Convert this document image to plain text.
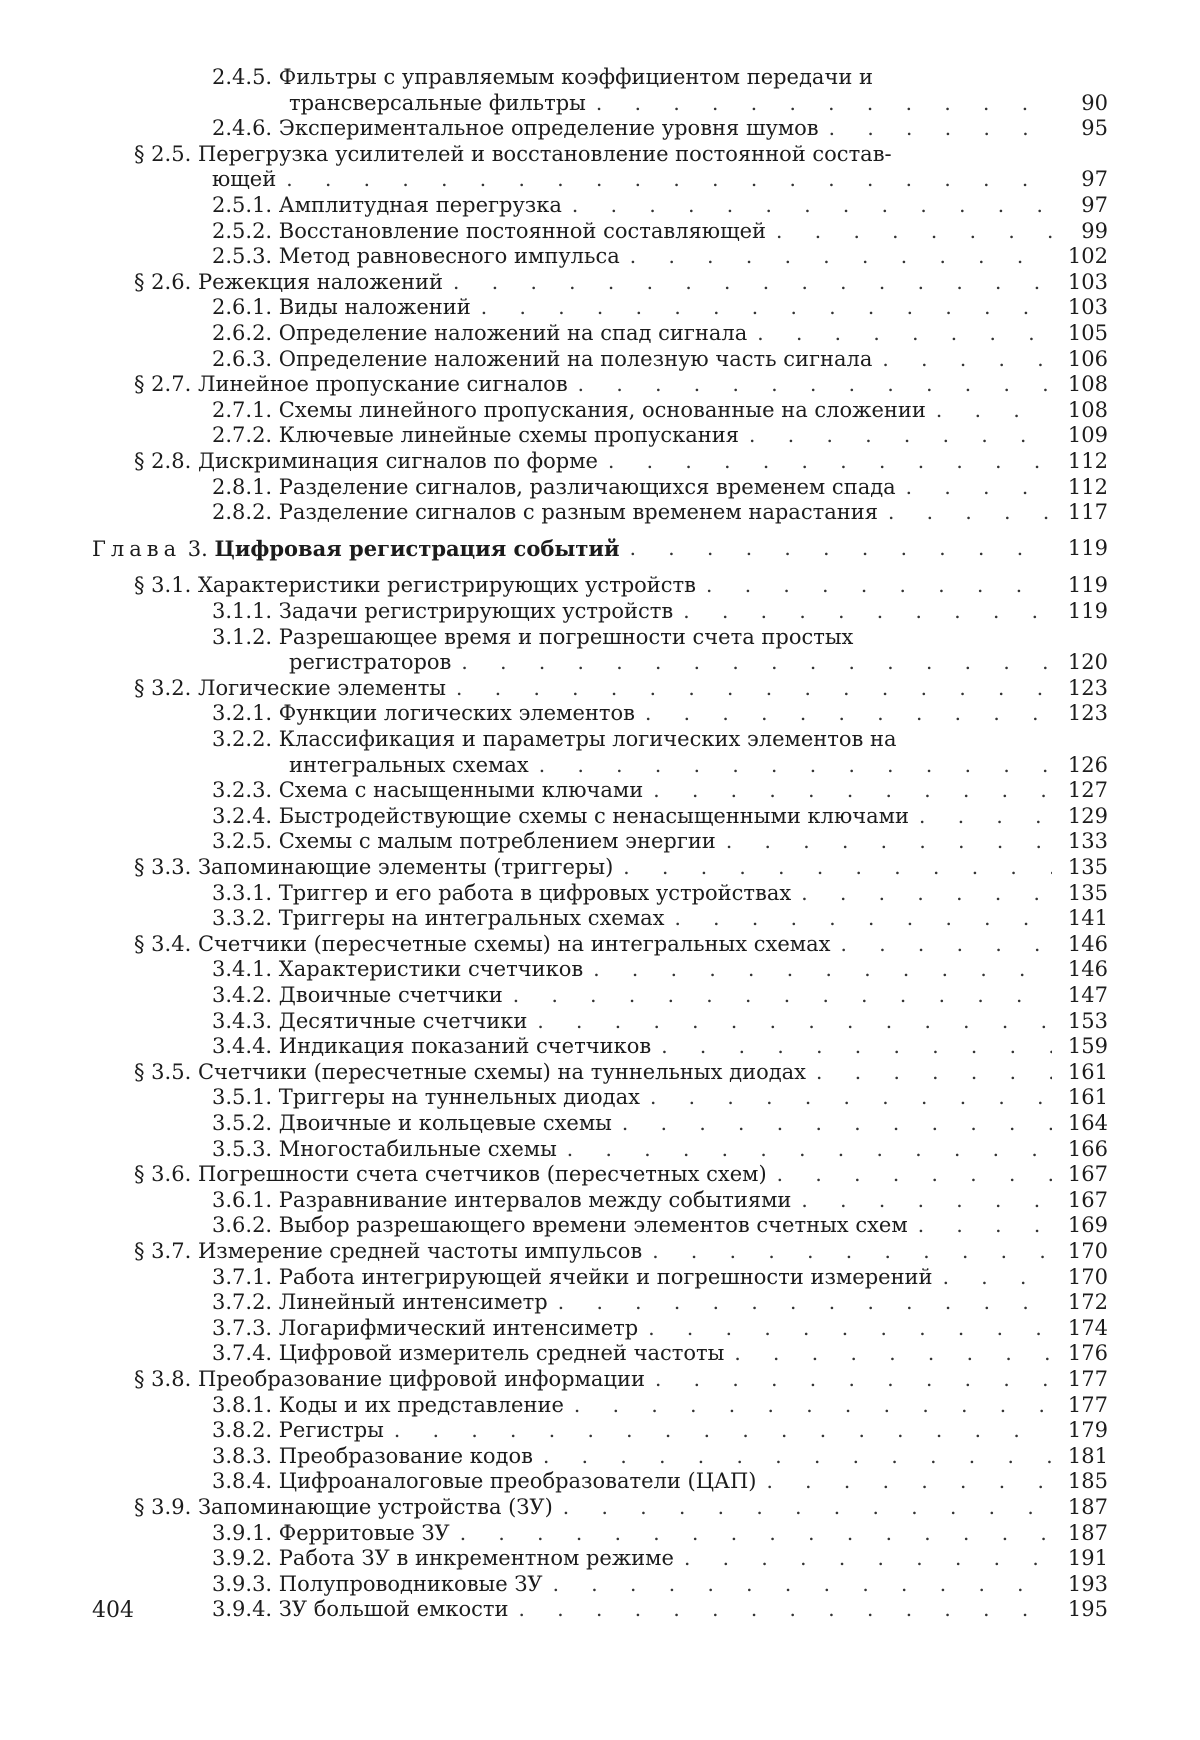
2.4.5. Фильтры с управляемым коэффициентом передачи и
трансверсальные фильтры . . . . . . . . . . . .	90
2.4.6. Экспериментальное определение уровня шумов . . . . . .	95
§ 2.5. Перегрузка усилителей и восстановление постоянной состав-
ющей . . . . . . . . . . . . . . . . . . . .	97
2.5.1. Амплитудная перегрузка . . . . . . . . . . . .	97
2.5.2. Восстановление постоянной составляющей . . . . . . .	99
2.5.3. Метод равновесного импульса . . . . . . . . . . .	102
§ 2.6. Режекция наложений . . . . . . . . . . . . . . . . 103
2.6.1. Виды наложений . . . . . . . . . . . . . . .	103
2.6.2. Определение наложений на спад сигнала . . . . . . . . 105
2.6.3. Определение наложений на полезную часть сигнала . . . .	106
§ 2.7. Линейное пропускание сигналов . . . . . . . . . . . .	108
2.7.1. Схемы линейного пропускания, основанные на сложении . . .	108
2.7.2. Ключевые линейные схемы пропускания . . . . . . . .	109
§ 2.8. Дискриминация сигналов по форме . . . . . . . . . . . . 112
2.8.1. Разделение сигналов, различающихся временем спада . . . .	112
2.8.2. Разделение сигналов с разным временем нарастания . . . .	117
Глава 3. Цифровая регистрация событий . . . . . . . . . . .	119
§ 3.1. Характеристики регистрирующих устройств . . . . . . . . .	119
3.1.1. Задачи регистрирующих устройств . . . . . . . . . . 119
3.1.2. Разрешающее время и погрешности счета простых
регистраторов . . . . . . . . . . . . . . .	120
§ 3.2. Логические элементы . . . . . . . . . . . . . . .	123
3.2.1. Функции логических элементов . . . . . . . . . . . 123
3.2.2. Классификация и параметры логических элементов на
интегральных схемах . . . . . . . . . . . . .	126
3.2.3. Схема с насыщенными ключами . . . . . . . . . .	127
3.2.4. Быстродействующие схемы с ненасыщенными ключами . . .	129
3.2.5. Схемы с малым потреблением энергии . . . . . . . .	133
§ 3.3. Запоминающие элементы (триггеры) . . . . . . . . . . .	135
3.3.1. Триггер и его работа в цифровых устройствах . . . . . . . 135
3.3.2. Триггеры на интегральных схемах . . . . . . . . . .	141
§ 3.4. Счетчики (пересчетные схемы) на интегральных схемах . . . . . . 146
3.4.1. Характеристики счетчиков . . . . . . . . . . . .	146
3.4.2. Двоичные счетчики . . . . . . . . . . . . . .	147
3.4.3. Десятичные счетчики . . . . . . . . . . . . .	153
3.4.4. Индикация показаний счетчиков . . . . . . . . . .	159
§ 3.5. Счетчики (пересчетные схемы) на туннельных диодах . . . . . .	161
3.5.1. Триггеры на туннельных диодах . . . . . . . . . .	161
3.5.2. Двоичные и кольцевые схемы . . . . . . . . . . .	164
3.5.3. Многостабильные схемы . . . . . . . . . . . . . 166
§ 3.6. Погрешности счета счетчиков (пересчетных схем) . . . . . . .	167
3.6.1. Разравнивание интервалов между событиями . . . . . . . 167
3.6.2. Выбор разрешающего времени элементов счетных схем . . . . 169
§ 3.7. Измерение средней частоты импульсов . . . . . . . . . .	170
3.7.1. Работа интегрирующей ячейки и погрешности измерений . . .	170
3.7.2. Линейный интенсиметр . . . . . . . . . . . . .	172
3.7.3. Логарифмический интенсиметр . . . . . . . . . .	174
3.7.4. Цифровой измеритель средней частоты . . . . . . . .	176
§ 3.8. Преобразование цифровой информации . . . . . . . . . .	177
3.8.1. Коды и их представление . . . . . . . . . . . .	177
3.8.2. Регистры . . . . . . . . . . . . . . . . .	179
3.8.3. Преобразование кодов . . . . . . . . . . . . .	181
3.8.4. Цифроаналоговые преобразователи (ЦАП) . . . . . . .	185
§ 3.9. Запоминающие устройства (ЗУ) . . . . . . . . . . . . . 187
3.9.1. Ферритовые ЗУ . . . . . . . . . . . . . . .	187
3.9.2. Работа ЗУ в инкрементном режиме . . . . . . . . . . 191
3.9.3. Полупроводниковые ЗУ . . . . . . . . . . . . .	193
3.9.4. ЗУ большой емкости . . . . . . . . . . . . . .	195
404
